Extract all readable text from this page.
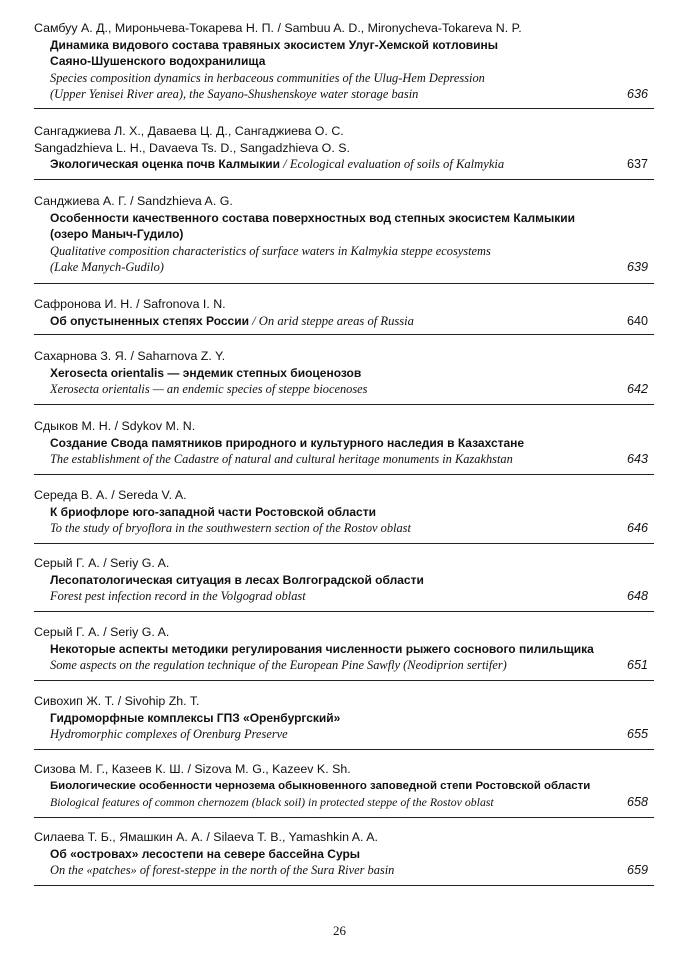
Самбуу А. Д., Мироньчева-Токарева Н. П. / Sambuu A. D., Mironycheva-Tokareva N. P.
Динамика видового состава травяных экосистем Улуг-Хемской котловины
Саяно-Шушенского водохранилища
Species composition dynamics in herbaceous communities of the Ulug-Hem Depression
(Upper Yenisei River area), the Sayano-Shushenskoye water storage basin	636
Сангаджиева Л. Х., Даваева Ц. Д., Сангаджиева О. С.
Sangadzhieva L. H., Davaeva Ts. D., Sangadzhieva O. S.
Экологическая оценка почв Калмыкии / Ecological evaluation of soils of Kalmykia	637
Санджиева А. Г. / Sandzhieva A. G.
Особенности качественного состава поверхностных вод степных экосистем Калмыкии
(озеро Маныч-Гудило)
Qualitative composition characteristics of surface waters in Kalmykia steppe ecosystems
(Lake Manych-Gudilo)	639
Сафронова И. Н. / Safronova I. N.
Об опустыненных степях России / On arid steppe areas of Russia	640
Сахарнова З. Я. / Saharnova Z. Y.
Xerosecta orientalis — эндемик степных биоценозов
Xerosecta orientalis — an endemic species of steppe biocenoses	642
Сдыков М. Н. / Sdykov M. N.
Создание Свода памятников природного и культурного наследия в Казахстане
The establishment of the Cadastre of natural and cultural heritage monuments in Kazakhstan	643
Середа В. А. / Sereda V. A.
К бриофлоре юго-западной части Ростовской области
To the study of bryoflora in the southwestern section of the Rostov oblast	646
Серый Г. А. / Seriy G. A.
Лесопатологическая ситуация в лесах Волгоградской области
Forest pest infection record in the Volgograd oblast	648
Серый Г. А. / Seriy G. A.
Некоторые аспекты методики регулирования численности рыжего соснового пилильщика
Some aspects on the regulation technique of the European Pine Sawfly (Neodiprion sertifer)	651
Сивохип Ж. Т. / Sivohip Zh. T.
Гидроморфные комплексы ГПЗ «Оренбургский»
Hydromorphic complexes of Orenburg Preserve	655
Сизова М. Г., Казеев К. Ш. / Sizova M. G., Kazeev K. Sh.
Биологические особенности чернозема обыкновенного заповедной степи Ростовской области
Biological features of common chernozem (black soil) in protected steppe of the Rostov oblast	658
Силаева Т. Б., Ямашкин А. А. / Silaeva T. B., Yamashkin A. A.
Об «островах» лесостепи на севере бассейна Суры
On the «patches» of forest-steppe in the north of the Sura River basin	659
26
